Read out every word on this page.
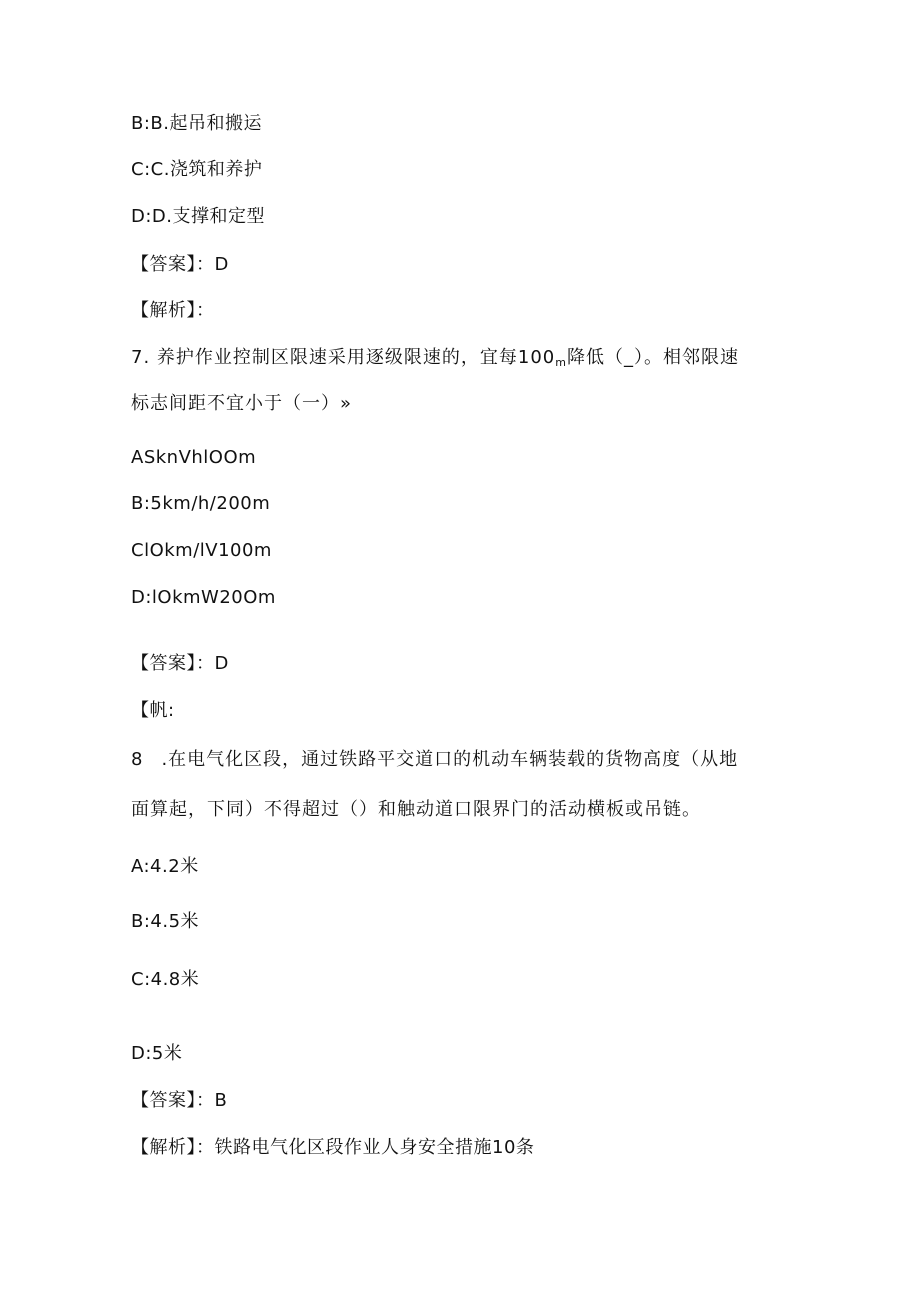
B:B.起吊和搬运
C:C.浇筑和养护
D:D.支撑和定型
【答案】：D
【解析】：
7. 养护作业控制区限速采用逐级限速的，宜每$100_m$降低（_）。相邻限速
标志间距不宜小于（一）»
ASknVhlOOm
B:5km/h/200m
ClOkm/lV100m
D:lOkmW20Om
【答案】：D
【帆:
8 .在电气化区段，通过铁路平交道口的机动车辆装载的货物高度（从地
面算起，下同）不得超过（）和触动道口限界门的活动横板或吊链。
A:4.2米
B:4.5米
C:4.8米
D:5米
【答案】：B
【解析】：铁路电气化区段作业人身安全措施10条
